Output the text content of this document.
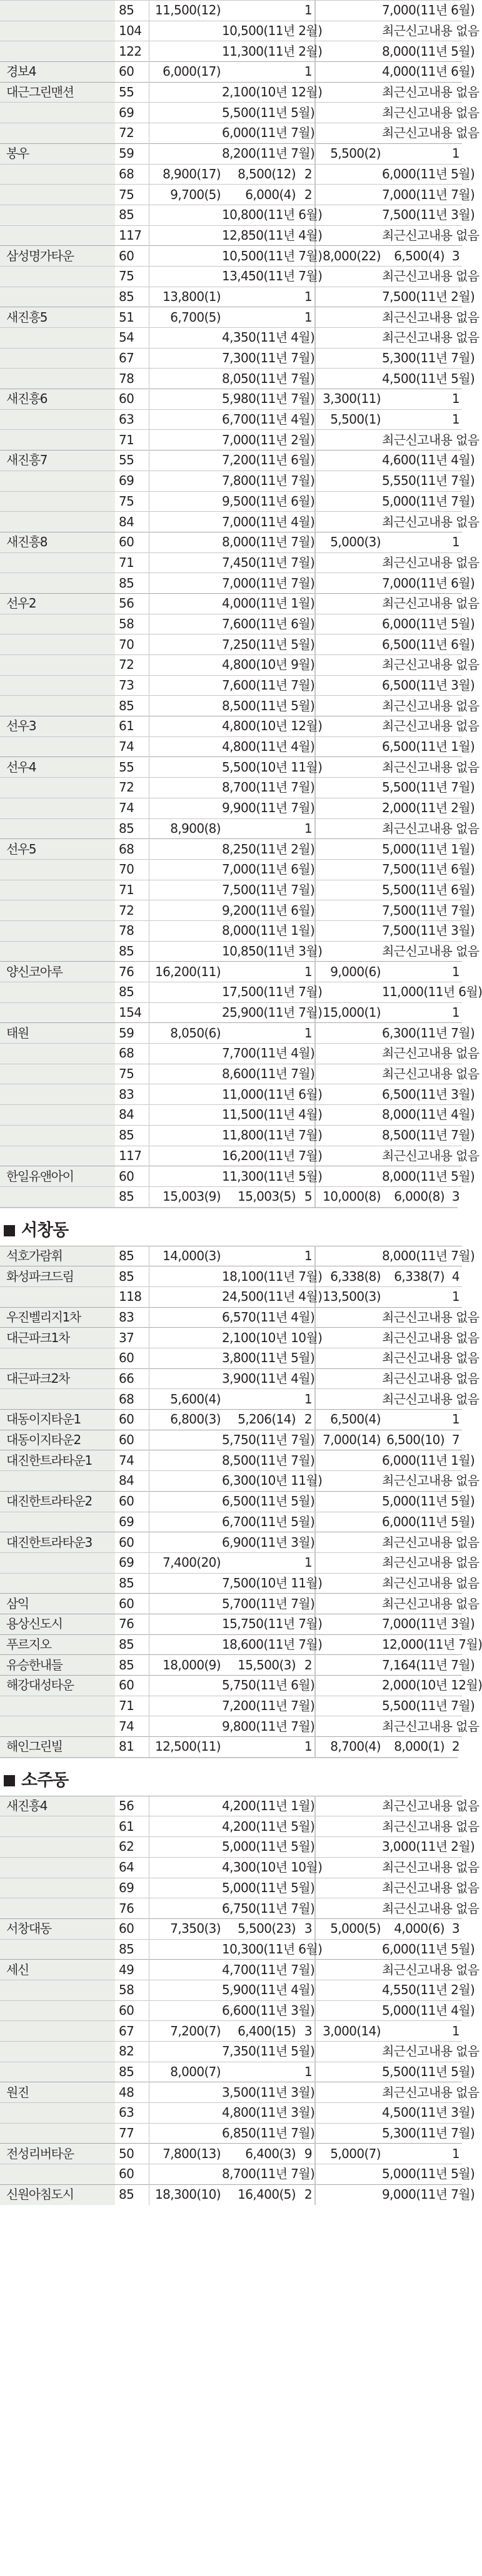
	85	11,500(12)		1		7,000(11년 6월)	
	104		10,500(11년 2월)			최근신고내용 없음	
	122		11,300(11년 2월)			8,000(11년 5월)	
경보4	60	6,000(17)		1		4,000(11년 6월)	
대근그린맨션	55		2,100(10년 12월)			최근신고내용 없음	
	69		5,500(11년 5월)			최근신고내용 없음	
	72		6,000(11년 7월)			최근신고내용 없음	
봉우	59		8,200(11년 7월)		5,500(2)		1
	68	8,900(17)	8,500(12)	2		6,000(11년 5월)	
	75	9,700(5)	6,000(4)	2		7,000(11년 7월)	
	85		10,800(11년 6월)			7,500(11년 3월)	
	117		12,850(11년 4월)			최근신고내용 없음	
삼성명가타운	60		10,500(11년 7월)		8,000(22)	6,500(4)	3
	75		13,450(11년 7월)			최근신고내용 없음	
	85	13,800(1)		1		7,500(11년 2월)	
새진흥5	51	6,700(5)		1		최근신고내용 없음	
	54		4,350(11년 4월)			최근신고내용 없음	
	67		7,300(11년 7월)			5,300(11년 7월)	
	78		8,050(11년 7월)			4,500(11년 5월)	
새진흥6	60		5,980(11년 7월)		3,300(11)		1
	63		6,700(11년 4월)		5,500(1)		1
	71		7,000(11년 2월)			최근신고내용 없음	
새진흥7	55		7,200(11년 6월)			4,600(11년 4월)	
	69		7,800(11년 7월)			5,550(11년 7월)	
	75		9,500(11년 6월)			5,000(11년 7월)	
	84		7,000(11년 4월)			최근신고내용 없음	
새진흥8	60		8,000(11년 7월)		5,000(3)		1
	71		7,450(11년 7월)			최근신고내용 없음	
	85		7,000(11년 7월)			7,000(11년 6월)	
선우2	56		4,000(11년 1월)			최근신고내용 없음	
	58		7,600(11년 6월)			6,000(11년 5월)	
	70		7,250(11년 5월)			6,500(11년 6월)	
	72		4,800(10년 9월)			최근신고내용 없음	
	73		7,600(11년 7월)			6,500(11년 3월)	
	85		8,500(11년 5월)			최근신고내용 없음	
선우3	61		4,800(10년 12월)			최근신고내용 없음	
	74		4,800(11년 4월)			6,500(11년 1월)	
선우4	55		5,500(10년 11월)			최근신고내용 없음	
	72		8,700(11년 7월)			5,500(11년 7월)	
	74		9,900(11년 7월)			2,000(11년 2월)	
	85	8,900(8)		1		최근신고내용 없음	
선우5	68		8,250(11년 2월)			5,000(11년 1월)	
	70		7,000(11년 6월)			7,500(11년 6월)	
	71		7,500(11년 7월)			5,500(11년 6월)	
	72		9,200(11년 6월)			7,500(11년 7월)	
	78		8,000(11년 1월)			7,500(11년 3월)	
	85		10,850(11년 3월)			최근신고내용 없음	
양신코아루	76	16,200(11)		1	9,000(6)		1
	85		17,500(11년 7월)			11,000(11년 6월)	
	154		25,900(11년 7월)		15,000(1)		1
태원	59	8,050(6)		1		6,300(11년 7월)	
	68		7,700(11년 4월)			최근신고내용 없음	
	75		8,600(11년 7월)			최근신고내용 없음	
	83		11,000(11년 6월)			6,500(11년 3월)	
	84		11,500(11년 4월)			8,000(11년 4월)	
	85		11,800(11년 7월)			8,500(11년 7월)	
	117		16,200(11년 7월)			최근신고내용 없음	
한일유앤아이	60		11,300(11년 5월)			8,000(11년 5월)	
	85	15,003(9)	15,003(5)	5	10,000(8)	6,000(8)	3
서창동
석호가람휘	85	14,000(3)		1		8,000(11년 7월)	
화성파크드림	85		18,100(11년 7월)		6,338(8)	6,338(7)	4
	118		24,500(11년 4월)		13,500(3)		1
우진벨리지1차	83		6,570(11년 4월)			최근신고내용 없음	
대근파크1차	37		2,100(10년 10월)			최근신고내용 없음	
	60		3,800(11년 5월)			최근신고내용 없음	
대근파크2차	66		3,900(11년 4월)			최근신고내용 없음	
	68	5,600(4)		1		최근신고내용 없음	
대동이지타운1	60	6,800(3)	5,206(14)	2	6,500(4)		1
대동이지타운2	60		5,750(11년 7월)		7,000(14)	6,500(10)	7
대진한트라타운1	74		8,500(11년 7월)			6,000(11년 1월)	
	84		6,300(10년 11월)			최근신고내용 없음	
대진한트라타운2	60		6,500(11년 5월)			5,000(11년 5월)	
	69		6,700(11년 5월)			6,000(11년 5월)	
대진한트라타운3	60		6,900(11년 3월)			최근신고내용 없음	
	69	7,400(20)		1		최근신고내용 없음	
	85		7,500(10년 11월)			최근신고내용 없음	
삼익	60		5,700(11년 7월)			최근신고내용 없음	
용상신도시	76		15,750(11년 7월)			7,000(11년 3월)	
푸르지오	85		18,600(11년 7월)			12,000(11년 7월)	
유승한내들	85	18,000(9)	15,500(3)	2		7,164(11년 7월)	
해강대성타운	60		5,750(11년 6월)			2,000(10년 12월)	
	71		7,200(11년 7월)			5,500(11년 7월)	
	74		9,800(11년 7월)			최근신고내용 없음	
해인그린빌	81	12,500(11)		1	8,700(4)	8,000(1)	2
소주동
새진흥4	56		4,200(11년 1월)			최근신고내용 없음	
	61		4,200(11년 5월)			최근신고내용 없음	
	62		5,000(11년 5월)			3,000(11년 2월)	
	64		4,300(10년 10월)			최근신고내용 없음	
	69		5,000(11년 5월)			최근신고내용 없음	
	76		6,750(11년 7월)			최근신고내용 없음	
서창대동	60	7,350(3)	5,500(23)	3	5,000(5)	4,000(6)	3
	85		10,300(11년 6월)			6,000(11년 5월)	
세신	49		4,700(11년 7월)			최근신고내용 없음	
	58		5,900(11년 4월)			4,550(11년 2월)	
	60		6,600(11년 3월)			5,000(11년 4월)	
	67	7,200(7)	6,400(15)	3	3,000(14)		1
	82		7,350(11년 5월)			최근신고내용 없음	
	85	8,000(7)		1		5,500(11년 5월)	
원진	48		3,500(11년 3월)			최근신고내용 없음	
	63		4,800(11년 3월)			4,500(11년 3월)	
	77		6,850(11년 7월)			5,300(11년 7월)	
전성리버타운	50	7,800(13)	6,400(3)	9	5,000(7)		1
	60		8,700(11년 7월)			5,000(11년 5월)	
신원아침도시	85	18,300(10)	16,400(5)	2		9,000(11년 7월)	
